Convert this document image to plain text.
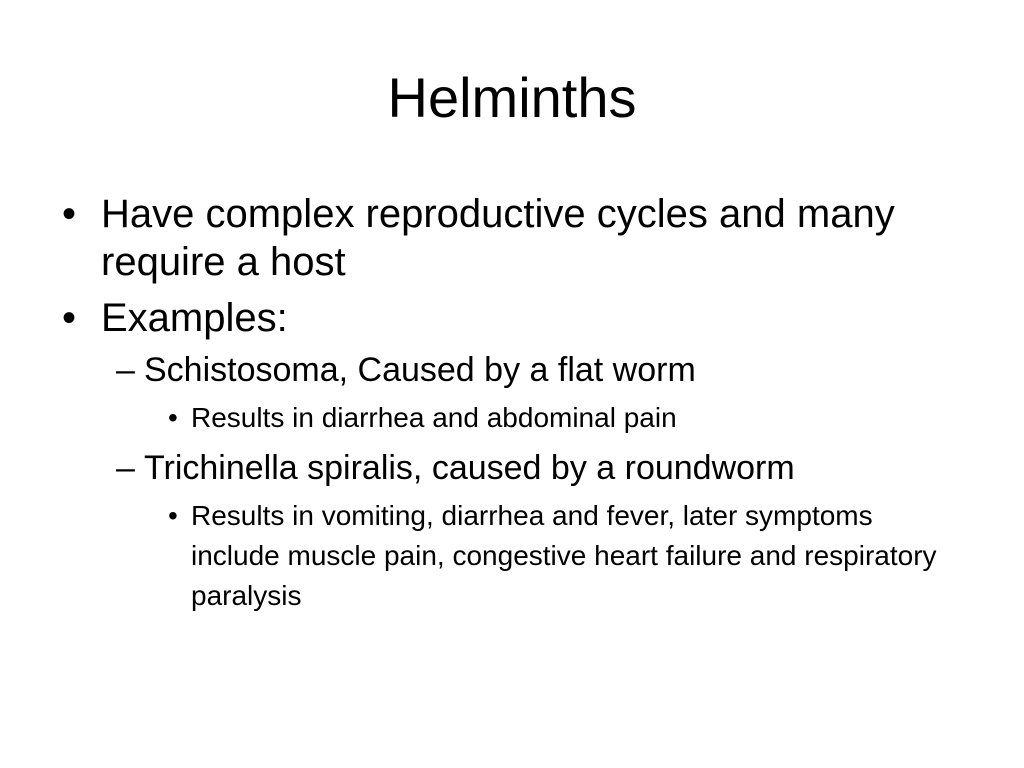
Helminths
• Have complex reproductive cycles and many require a host
• Examples:
– Schistosoma, Caused by a flat worm
• Results in diarrhea and abdominal pain
– Trichinella spiralis, caused by a roundworm
• Results in vomiting, diarrhea and fever, later symptoms include muscle pain, congestive heart failure and respiratory paralysis
